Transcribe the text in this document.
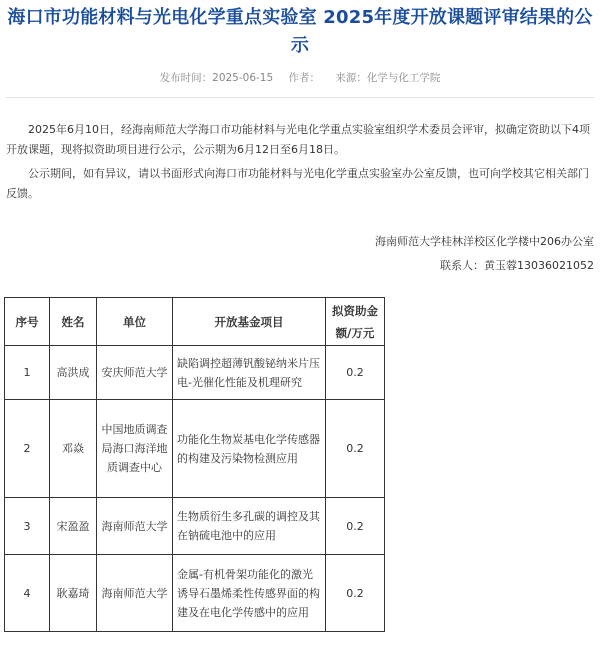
海口市功能材料与光电化学重点实验室 2025年度开放课题评审结果的公示
发布时间：2025-06-15 作者： 来源：化学与化工学院

2025年6月10日，经海南师范大学海口市功能材料与光电化学重点实验室组织学术委员会评审，拟确定资助以下4项开放课题，现将拟资助项目进行公示，公示期为6月12日至6月18日。

公示期间，如有异议，请以书面形式向海口市功能材料与光电化学重点实验室办公室反馈，也可向学校其它相关部门反馈。

海南师范大学桂林洋校区化学楼中206办公室
联系人：黄玉蓉13036021052
序号	姓名	单位	开放基金项目	拟资助金额/万元
1	高洪成	安庆师范大学	缺陷调控超薄钒酸铋纳米片压电-光催化性能及机理研究	0.2
2	邓焱	中国地质调查局海口海洋地质调查中心	功能化生物炭基电化学传感器的构建及污染物检测应用	0.2
3	宋盈盈	海南师范大学	生物质衍生多孔碳的调控及其在钠硫电池中的应用	0.2
4	耿嘉琦	海南师范大学	金属-有机骨架功能化的激光诱导石墨烯柔性传感界面的构建及在电化学传感中的应用	0.2
